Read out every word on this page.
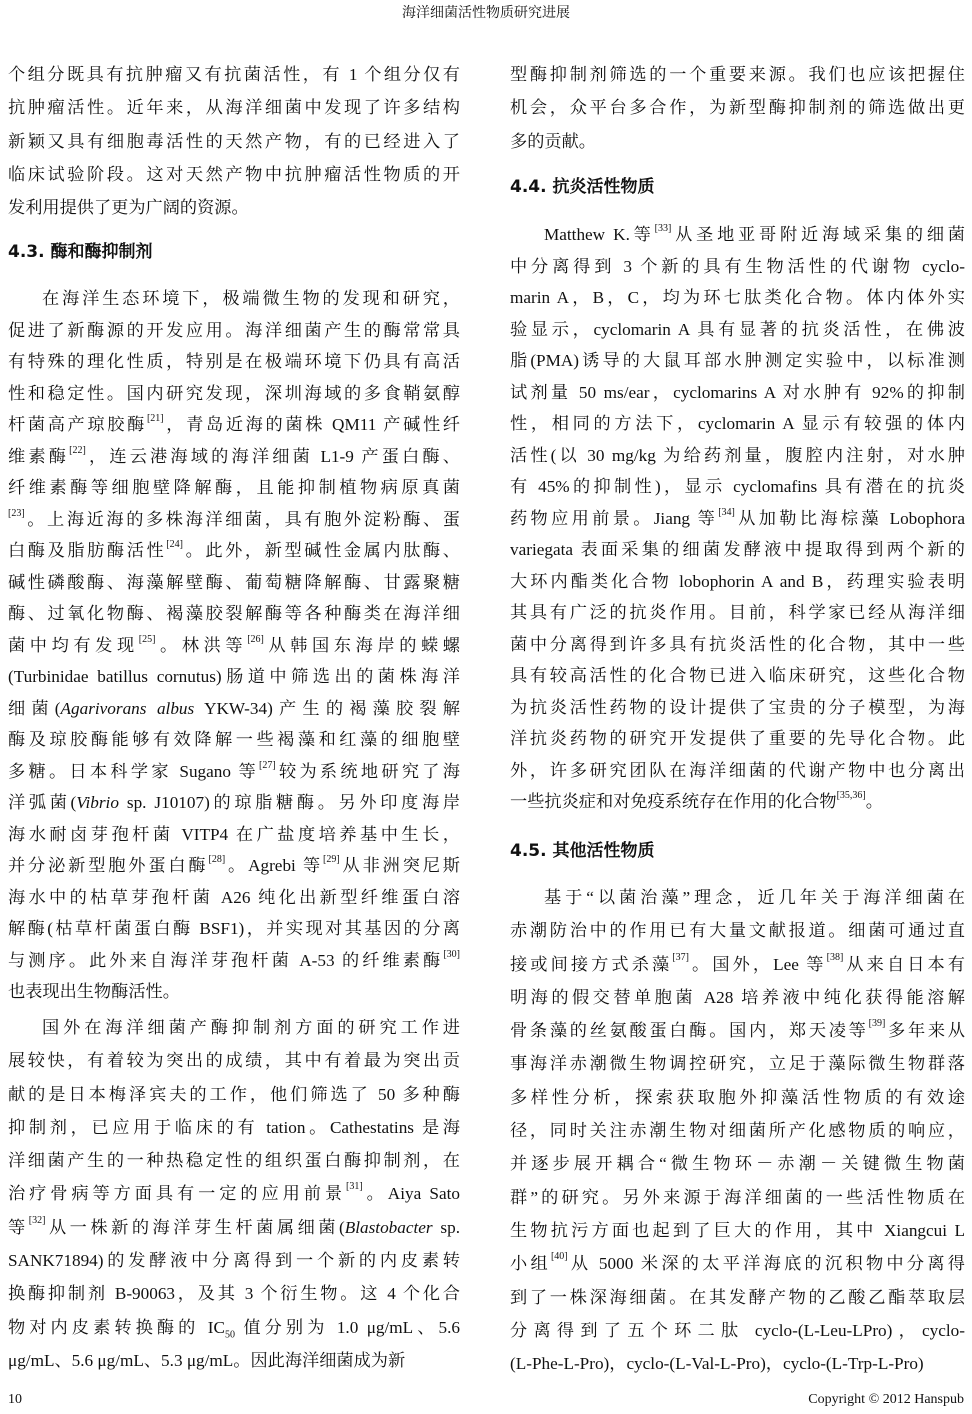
海洋细菌活性物质研究进展
个组分既具有抗肿瘤又有抗菌活性，有 1 个组分仅有
抗肿瘤活性。近年来，从海洋细菌中发现了许多结构
新颖又具有细胞毒活性的天然产物，有的已经进入了
临床试验阶段。这对天然产物中抗肿瘤活性物质的开
发利用提供了更为广阔的资源。
4.3. 酶和酶抑制剂
在海洋生态环境下，极端微生物的发现和研究，
促进了新酶源的开发应用。海洋细菌产生的酶常常具
有特殊的理化性质，特别是在极端环境下仍具有高活
性和稳定性。国内研究发现，深圳海域的多食鞘氨醇
杆菌高产琼胶酶[21]，青岛近海的菌株 QM11 产碱性纤
维素酶[22]，连云港海域的海洋细菌 L1-9 产蛋白酶、
纤维素酶等细胞壁降解酶，且能抑制植物病原真菌
[23]。上海近海的多株海洋细菌，具有胞外淀粉酶、蛋
白酶及脂肪酶活性[24]。此外，新型碱性金属内肽酶、
碱性磷酸酶、海藻解壁酶、葡萄糖降解酶、甘露聚糖
酶、过氧化物酶、褐藻胶裂解酶等各种酶类在海洋细
菌中均有发现[25]。林洪等[26]从韩国东海岸的蝾螺
(Turbinidae batillus cornutus)肠道中筛选出的菌株海洋
细菌(Agarivorans albus YKW-34)产生的褐藻胶裂解
酶及琼胶酶能够有效降解一些褐藻和红藻的细胞壁
多糖。日本科学家 Sugano 等[27]较为系统地研究了海
洋弧菌(Vibrio sp. J10107)的琼脂糖酶。另外印度海岸
海水耐卤芽孢杆菌 VITP4 在广盐度培养基中生长，
并分泌新型胞外蛋白酶[28]。Agrebi 等[29]从非洲突尼斯
海水中的枯草芽孢杆菌 A26 纯化出新型纤维蛋白溶
解酶(枯草杆菌蛋白酶 BSF1)，并实现对其基因的分离
与测序。此外来自海洋芽孢杆菌 A-53 的纤维素酶[30]
也表现出生物酶活性。
国外在海洋细菌产酶抑制剂方面的研究工作进
展较快，有着较为突出的成绩，其中有着最为突出贡
献的是日本梅泽宾夫的工作，他们筛选了 50 多种酶
抑制剂，已应用于临床的有 tation。Cathestatins 是海
洋细菌产生的一种热稳定性的组织蛋白酶抑制剂，在
治疗骨病等方面具有一定的应用前景[31]。Aiya Sato
等[32]从一株新的海洋芽生杆菌属细菌(Blastobacter sp.
SANK71894)的发酵液中分离得到一个新的内皮素转
换酶抑制剂 B-90063，及其 3 个衍生物。这 4 个化合
物对内皮素转换酶的 $IC_{50}$ 值分别为 1.0 μg/mL、5.6
μg/mL、5.6 μg/mL、5.3 μg/mL。因此海洋细菌成为新
型酶抑制剂筛选的一个重要来源。我们也应该把握住
机会，众平台多合作，为新型酶抑制剂的筛选做出更
多的贡献。
4.4. 抗炎活性物质
Matthew K.等[33]从圣地亚哥附近海域采集的细菌
中分离得到 3 个新的具有生物活性的代谢物 cyclo-
marin A，B，C，均为环七肽类化合物。体内体外实
验显示，cyclomarin A 具有显著的抗炎活性，在佛波
脂(PMA)诱导的大鼠耳部水肿测定实验中，以标准测
试剂量 50 ms/ear，cyclomarins A 对水肿有 92%的抑制
性，相同的方法下，cyclomarin A 显示有较强的体内
活性(以 30 mg/kg 为给药剂量，腹腔内注射，对水肿
有 45%的抑制性)，显示 cyclomafins 具有潜在的抗炎
药物应用前景。Jiang 等[34]从加勒比海棕藻 Lobophora
variegata 表面采集的细菌发酵液中提取得到两个新的
大环内酯类化合物 lobophorin A and B，药理实验表明
其具有广泛的抗炎作用。目前，科学家已经从海洋细
菌中分离得到许多具有抗炎活性的化合物，其中一些
具有较高活性的化合物已进入临床研究，这些化合物
为抗炎活性药物的设计提供了宝贵的分子模型，为海
洋抗炎药物的研究开发提供了重要的先导化合物。此
外，许多研究团队在海洋细菌的代谢产物中也分离出
一些抗炎症和对免疫系统存在作用的化合物[35,36]。
4.5. 其他活性物质
基于“以菌治藻”理念，近几年关于海洋细菌在
赤潮防治中的作用已有大量文献报道。细菌可通过直
接或间接方式杀藻[37]。国外，Lee 等[38]从来自日本有
明海的假交替单胞菌 A28 培养液中纯化获得能溶解
骨条藻的丝氨酸蛋白酶。国内，郑天凌等[39]多年来从
事海洋赤潮微生物调控研究，立足于藻际微生物群落
多样性分析，探索获取胞外抑藻活性物质的有效途
径，同时关注赤潮生物对细菌所产化感物质的响应，
并逐步展开耦合“微生物环－赤潮－关键微生物菌
群”的研究。另外来源于海洋细菌的一些活性物质在
生物抗污方面也起到了巨大的作用，其中 Xiangcui L
小组[40]从 5000 米深的太平洋海底的沉积物中分离得
到了一株深海细菌。在其发酵产物的乙酸乙酯萃取层
分离得到了五个环二肽 cyclo-(L-Leu-LPro)，cyclo-
(L-Phe-L-Pro)，cyclo-(L-Val-L-Pro)，cyclo-(L-Trp-L-Pro)
10	Copyright © 2012 Hanspub
